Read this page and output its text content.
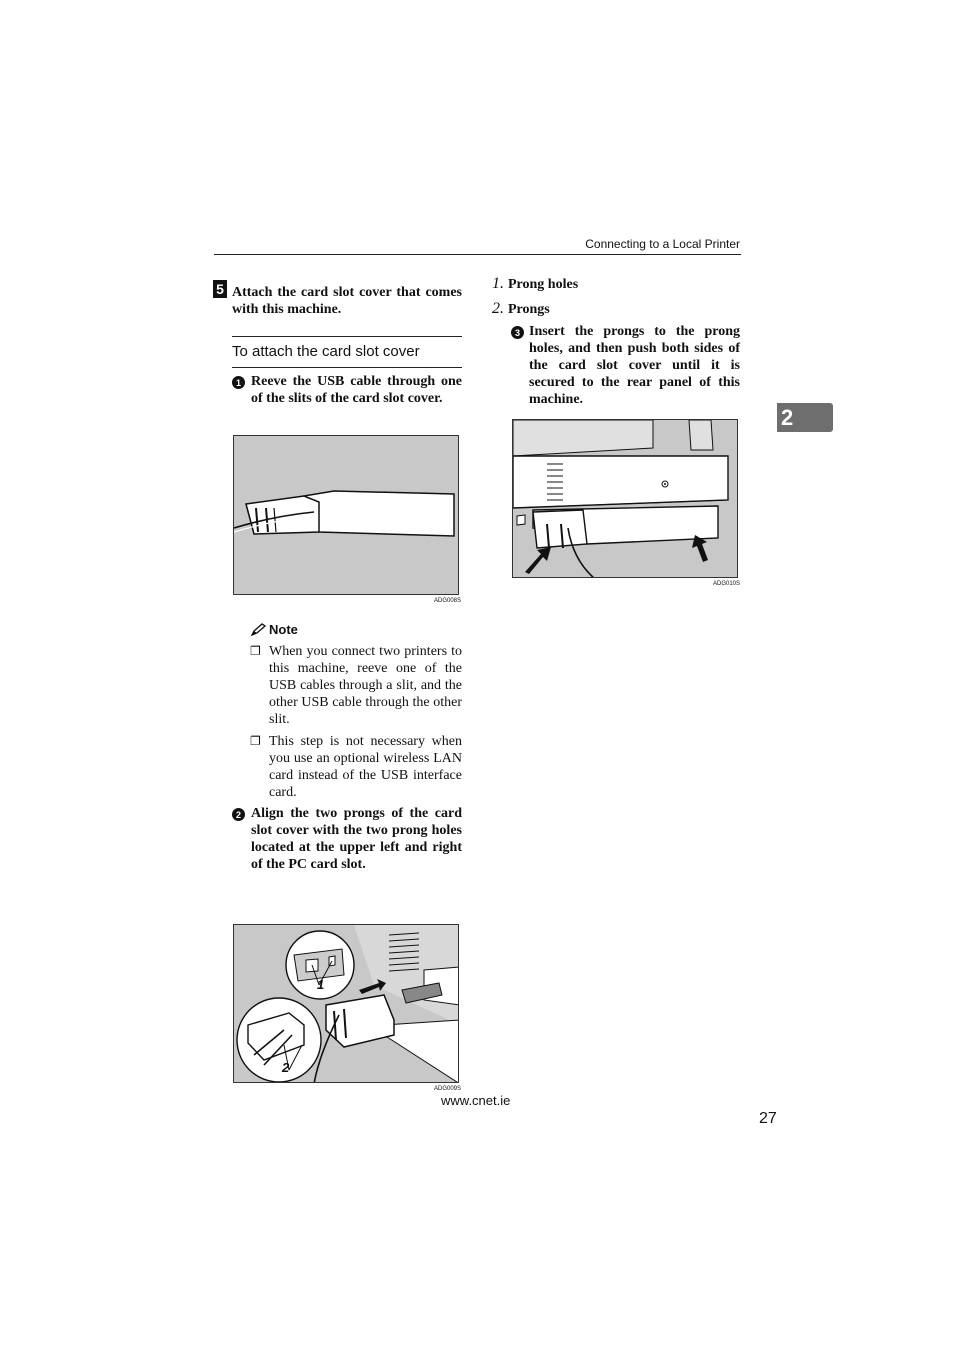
Connecting to a Local Printer
2
5 Attach the card slot cover that comes with this machine.
To attach the card slot cover
1 Reeve the USB cable through one of the slits of the card slot cover.
ADG008S
Note
❐ When you connect two printers to this machine, reeve one of the USB cables through a slit, and the other USB cable through the other slit.
❐ This step is not necessary when you use an optional wireless LAN card instead of the USB interface card.
2 Align the two prongs of the card slot cover with the two prong holes located at the upper left and right of the PC card slot.
1
2
ADG009S
1. Prong holes
2. Prongs
3 Insert the prongs to the prong holes, and then push both sides of the card slot cover until it is secured to the rear panel of this machine.
ADG010S
www.cnet.ie
27
